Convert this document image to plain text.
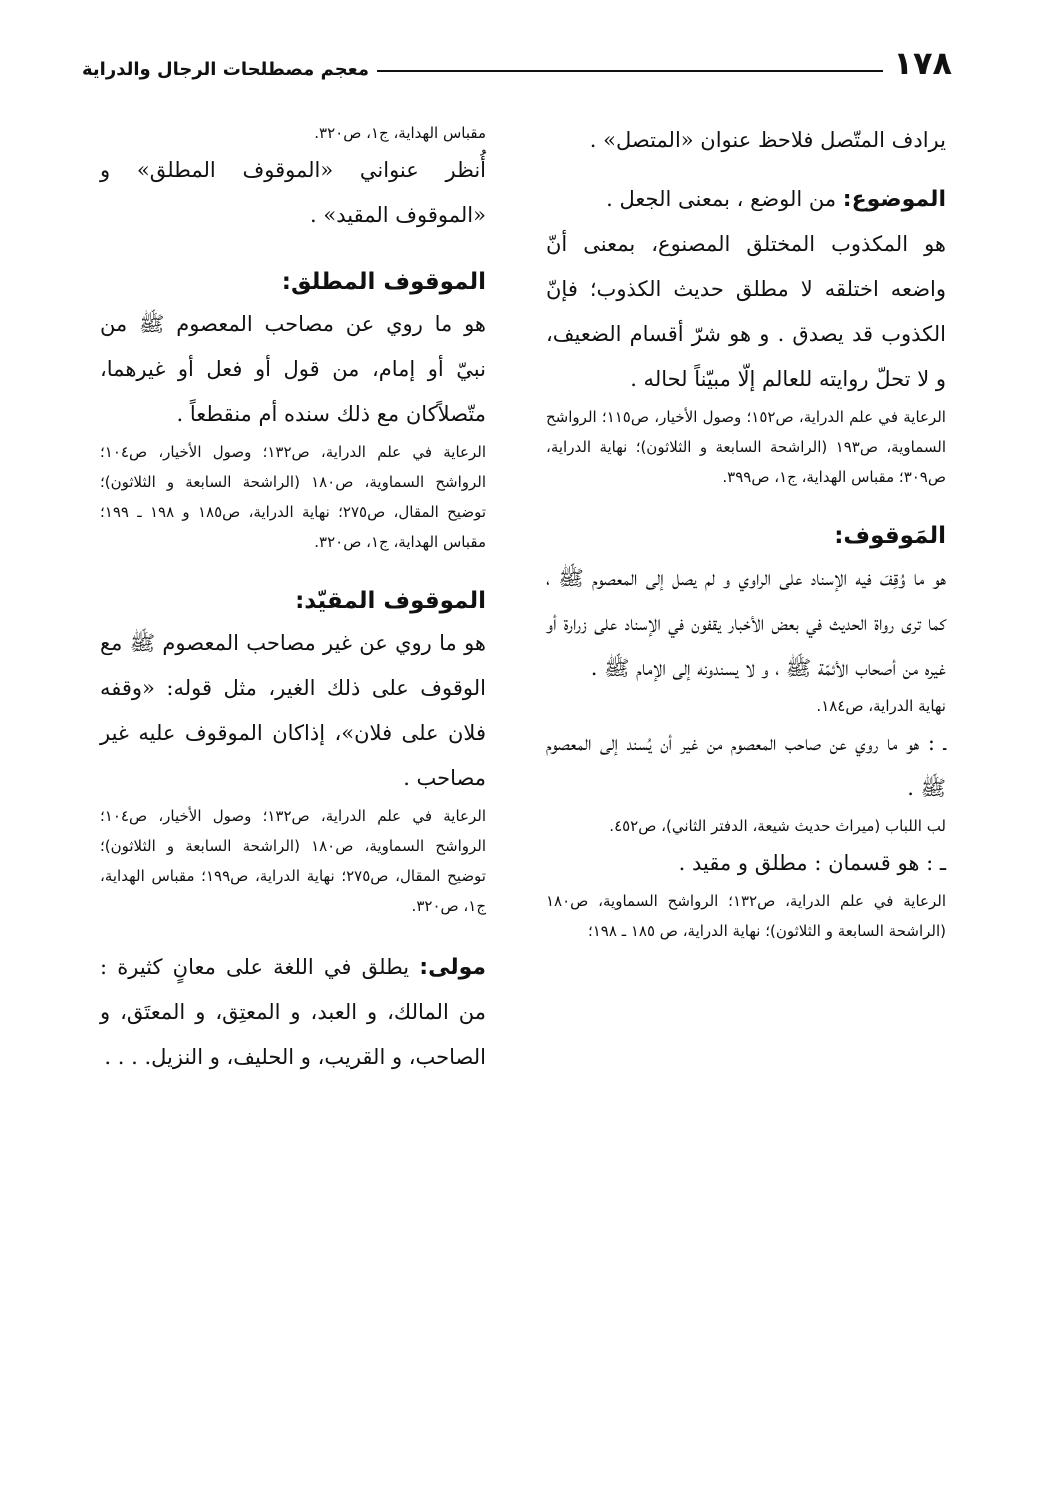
١٧٨
معجم مصطلحات الرجال والدراية

يرادف المتّصل فلاحظ عنوان «المتصل» .

الموضوع: من الوضع ، بمعنى الجعل .

هو المكذوب المختلق المصنوع، بمعنى أنّ واضعه اختلقه لا مطلق حديث الكذوب؛ فإنّ الكذوب قد يصدق . و هو شرّ أقسام الضعيف، و لا تحلّ روايته للعالم إلّا مبيّناً لحاله .

الرعاية في علم الدراية، ص١٥٢؛ وصول الأخيار، ص١١٥؛ الرواشح السماوية، ص١٩٣ (الراشحة السابعة و الثلاثون)؛ نهاية الدراية، ص٣٠٩؛ مقباس الهداية، ج١، ص٣٩٩.

المَوقوف:

هو ما وُقِفَ فيه الإسناد على الراوي و لم يصل إلى المعصوم ﷺ ، كما ترى رواة الحديث في بعض الأخبار يقفون في الإسناد على زرارة أو غيره من أصحاب الأئمّة ﷺ ، و لا يسندونه إلى الإمام ﷺ .

نهاية الدراية، ص١٨٤.

ـ : هو ما روي عن صاحب المعصوم من غير أن يُسند إلى المعصوم ﷺ .

لب اللباب (ميراث حديث شيعة، الدفتر الثاني)، ص٤٥٢.

ـ : هو قسمان : مطلق و مقيد .

الرعاية في علم الدراية، ص١٣٢؛ الرواشح السماوية، ص١٨٠ (الراشحة السابعة و الثلاثون)؛ نهاية الدراية، ص ١٨٥ ـ ١٩٨؛

مقباس الهداية، ج١، ص٣٢٠.

أُنظر عنواني «الموقوف المطلق» و «الموقوف المقيد» .

الموقوف المطلق:

هو ما روي عن مصاحب المعصوم ﷺ من نبيّ أو إمام، من قول أو فعل أو غيرهما، متّصلاًكان مع ذلك سنده أم منقطعاً .

الرعاية في علم الدراية، ص١٣٢؛ وصول الأخيار، ص١٠٤؛ الرواشح السماوية، ص١٨٠ (الراشحة السابعة و الثلاثون)؛ توضيح المقال، ص٢٧٥؛ نهاية الدراية، ص١٨٥ و ١٩٨ ـ ١٩٩؛ مقباس الهداية، ج١، ص٣٢٠.

الموقوف المقيّد:

هو ما روي عن غير مصاحب المعصوم ﷺ مع الوقوف على ذلك الغير، مثل قوله: «وقفه فلان على فلان»، إذاكان الموقوف عليه غير مصاحب .

الرعاية في علم الدراية، ص١٣٢؛ وصول الأخيار، ص١٠٤؛ الرواشح السماوية، ص١٨٠ (الراشحة السابعة و الثلاثون)؛ توضيح المقال، ص٢٧٥؛ نهاية الدراية، ص١٩٩؛ مقباس الهداية، ج١، ص٣٢٠.

مولى: يطلق في اللغة على معانٍ كثيرة : من المالك، و العبد، و المعتِق، و المعتَق، و الصاحب، و القريب، و الحليف، و النزيل. . . .
